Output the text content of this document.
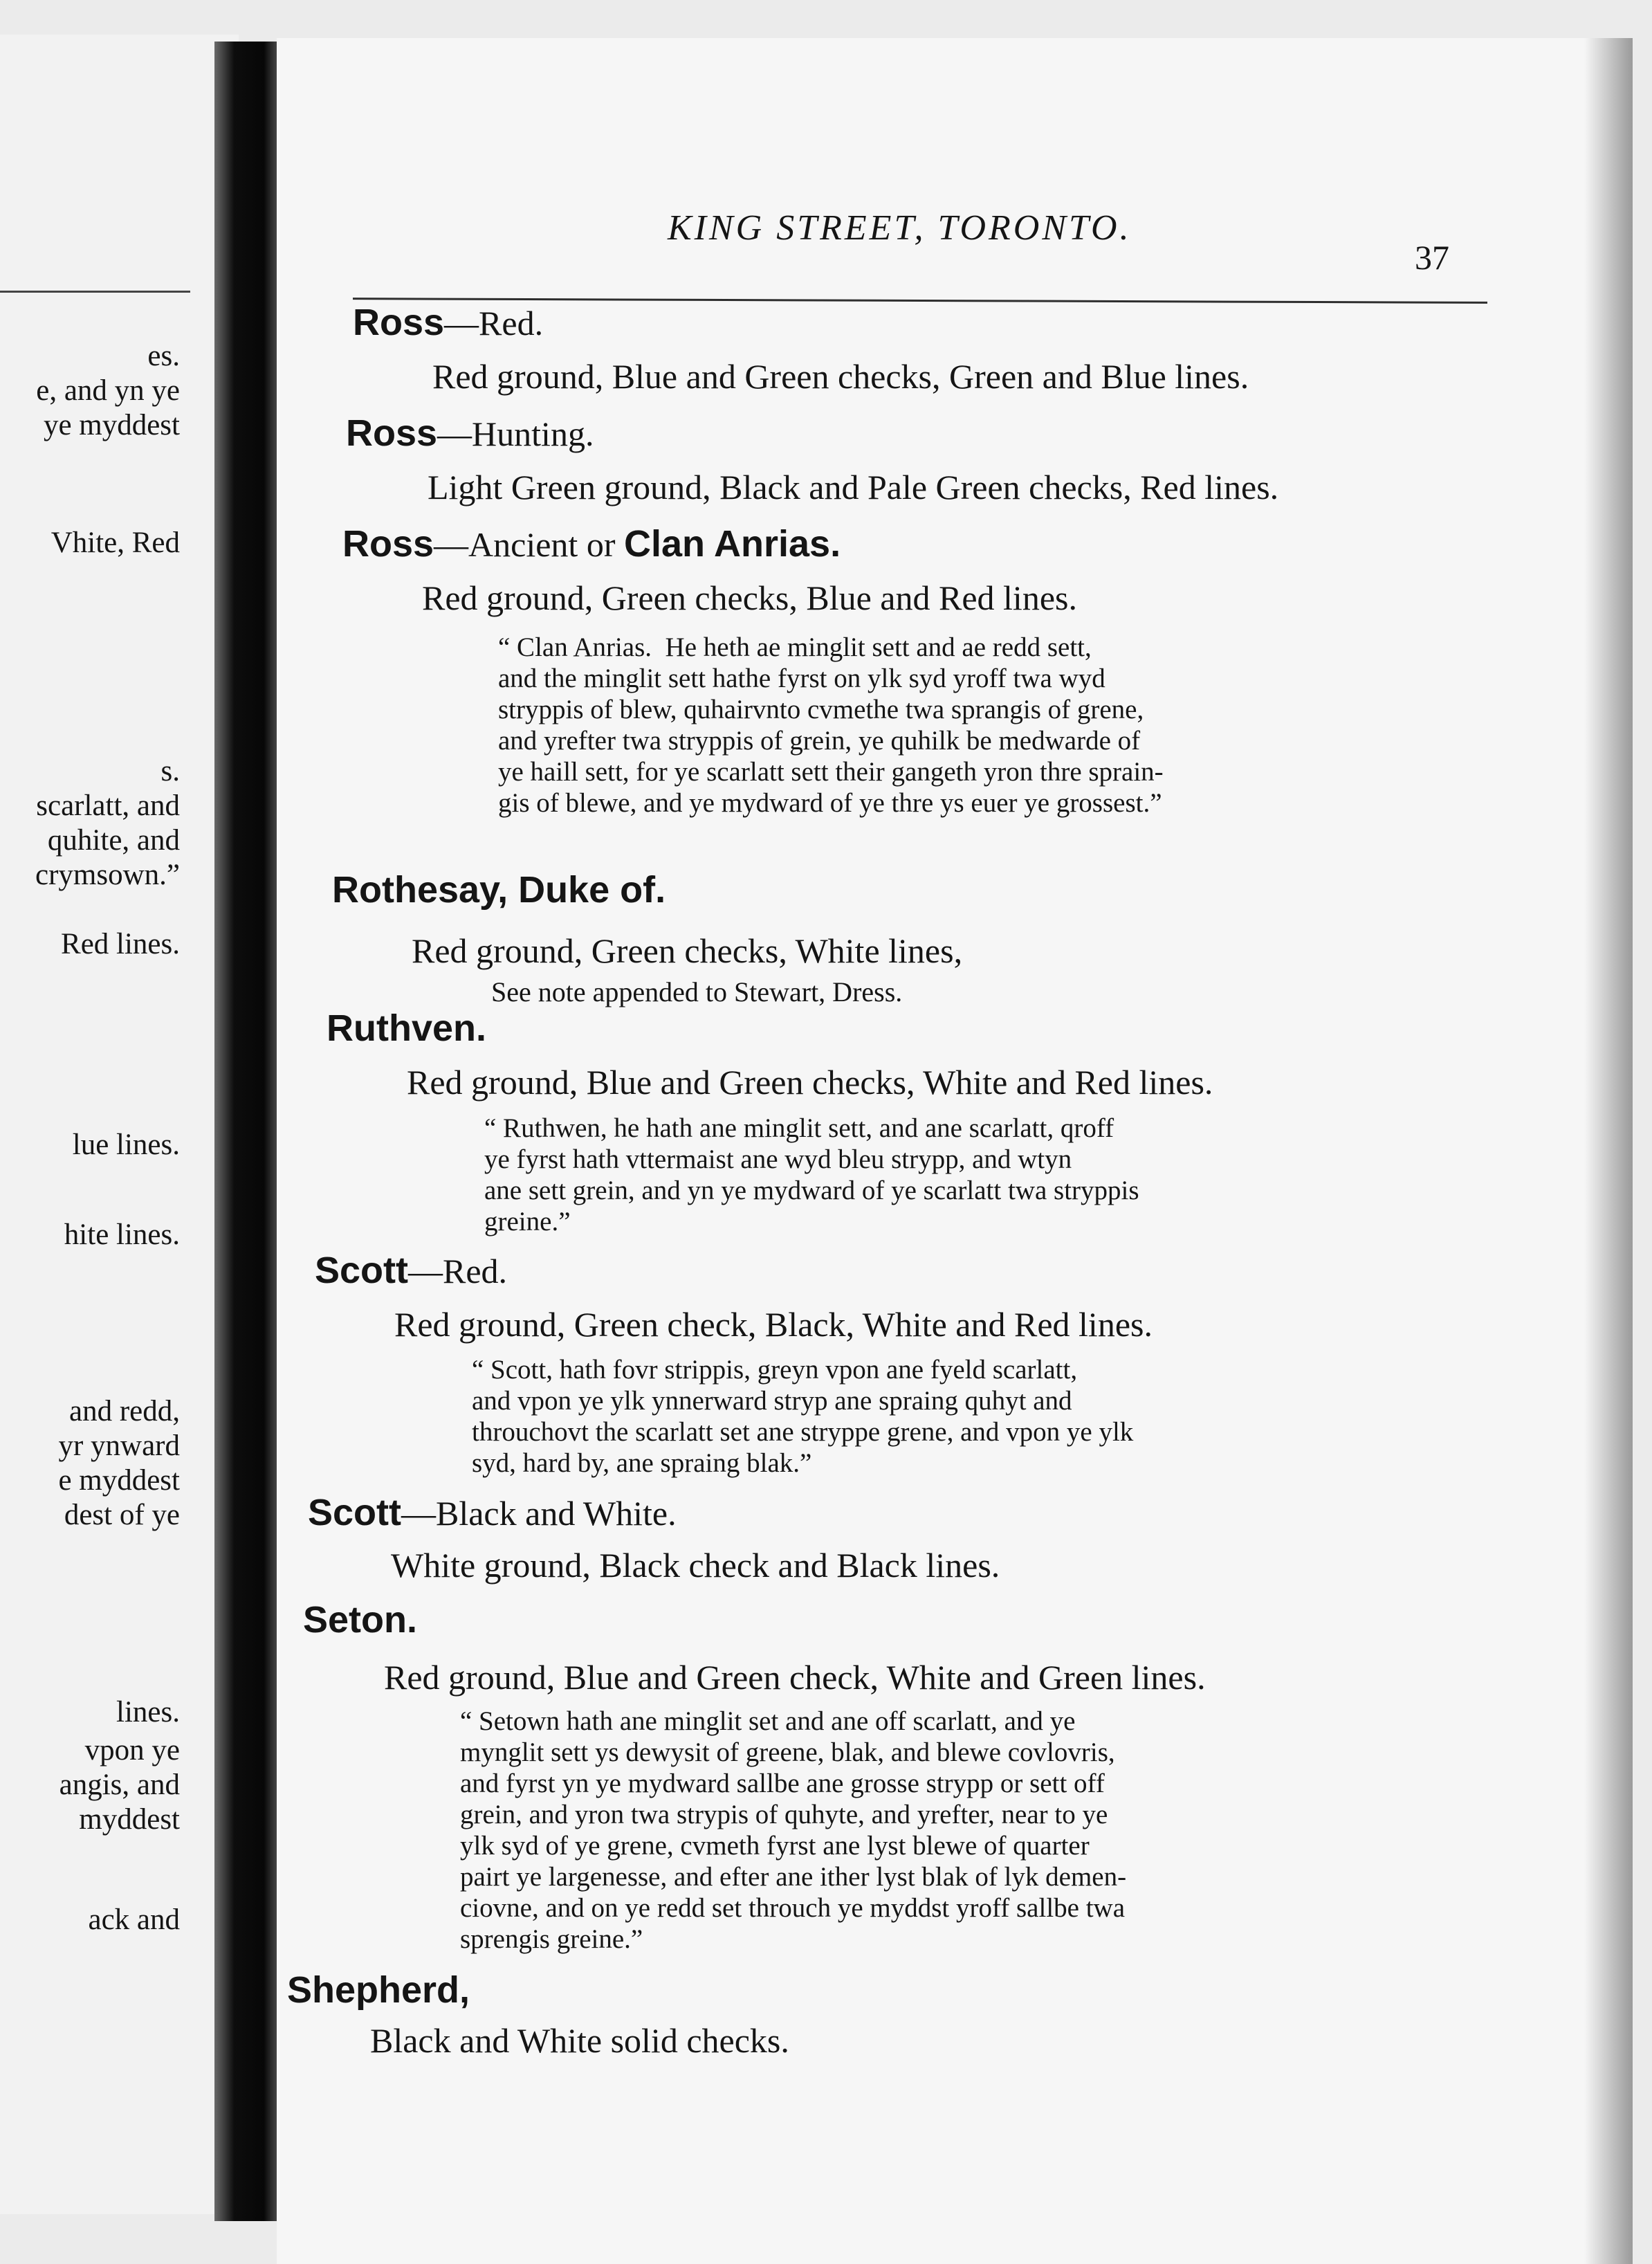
es.
e, and yn ye
ye myddest
Vhite, Red
s.
scarlatt, and
quhite, and
crymsown.”
Red lines.
lue lines.
hite lines.
and redd,
yr ynward
e myddest
dest of ye
lines.
vpon ye
angis, and
myddest
ack and
KING STREET, TORONTO.
37
Ross—Red.
Red ground, Blue and Green checks, Green and Blue lines.
Ross—Hunting.
Light Green ground, Black and Pale Green checks, Red lines.
Ross—Ancient or Clan Anrias.
Red ground, Green checks, Blue and Red lines.
“ Clan Anrias.  He heth ae minglit sett and ae redd sett,
and the minglit sett hathe fyrst on ylk syd yroff twa wyd
stryppis of blew, quhairvnto cvmethe twa sprangis of grene,
and yrefter twa stryppis of grein, ye quhilk be medwarde of
ye haill sett, for ye scarlatt sett their gangeth yron thre sprain-
gis of blewe, and ye mydward of ye thre ys euer ye grossest.”
Rothesay, Duke of.
Red ground, Green checks, White lines,
See note appended to Stewart, Dress.
Ruthven.
Red ground, Blue and Green checks, White and Red lines.
“ Ruthwen, he hath ane minglit sett, and ane scarlatt, qroff
ye fyrst hath vttermaist ane wyd bleu strypp, and wtyn
ane sett grein, and yn ye mydward of ye scarlatt twa stryppis
greine.”
Scott—Red.
Red ground, Green check, Black, White and Red lines.
“ Scott, hath fovr strippis, greyn vpon ane fyeld scarlatt,
and vpon ye ylk ynnerward stryp ane spraing quhyt and
throuchovt the scarlatt set ane stryppe grene, and vpon ye ylk
syd, hard by, ane spraing blak.”
Scott—Black and White.
White ground, Black check and Black lines.
Seton.
Red ground, Blue and Green check, White and Green lines.
“ Setown hath ane minglit set and ane off scarlatt, and ye
mynglit sett ys dewysit of greene, blak, and blewe covlovris,
and fyrst yn ye mydward sallbe ane grosse strypp or sett off
grein, and yron twa strypis of quhyte, and yrefter, near to ye
ylk syd of ye grene, cvmeth fyrst ane lyst blewe of quarter
pairt ye largenesse, and efter ane ither lyst blak of lyk demen-
ciovne, and on ye redd set throuch ye myddst yroff sallbe twa
sprengis greine.”
Shepherd,
Black and White solid checks.
